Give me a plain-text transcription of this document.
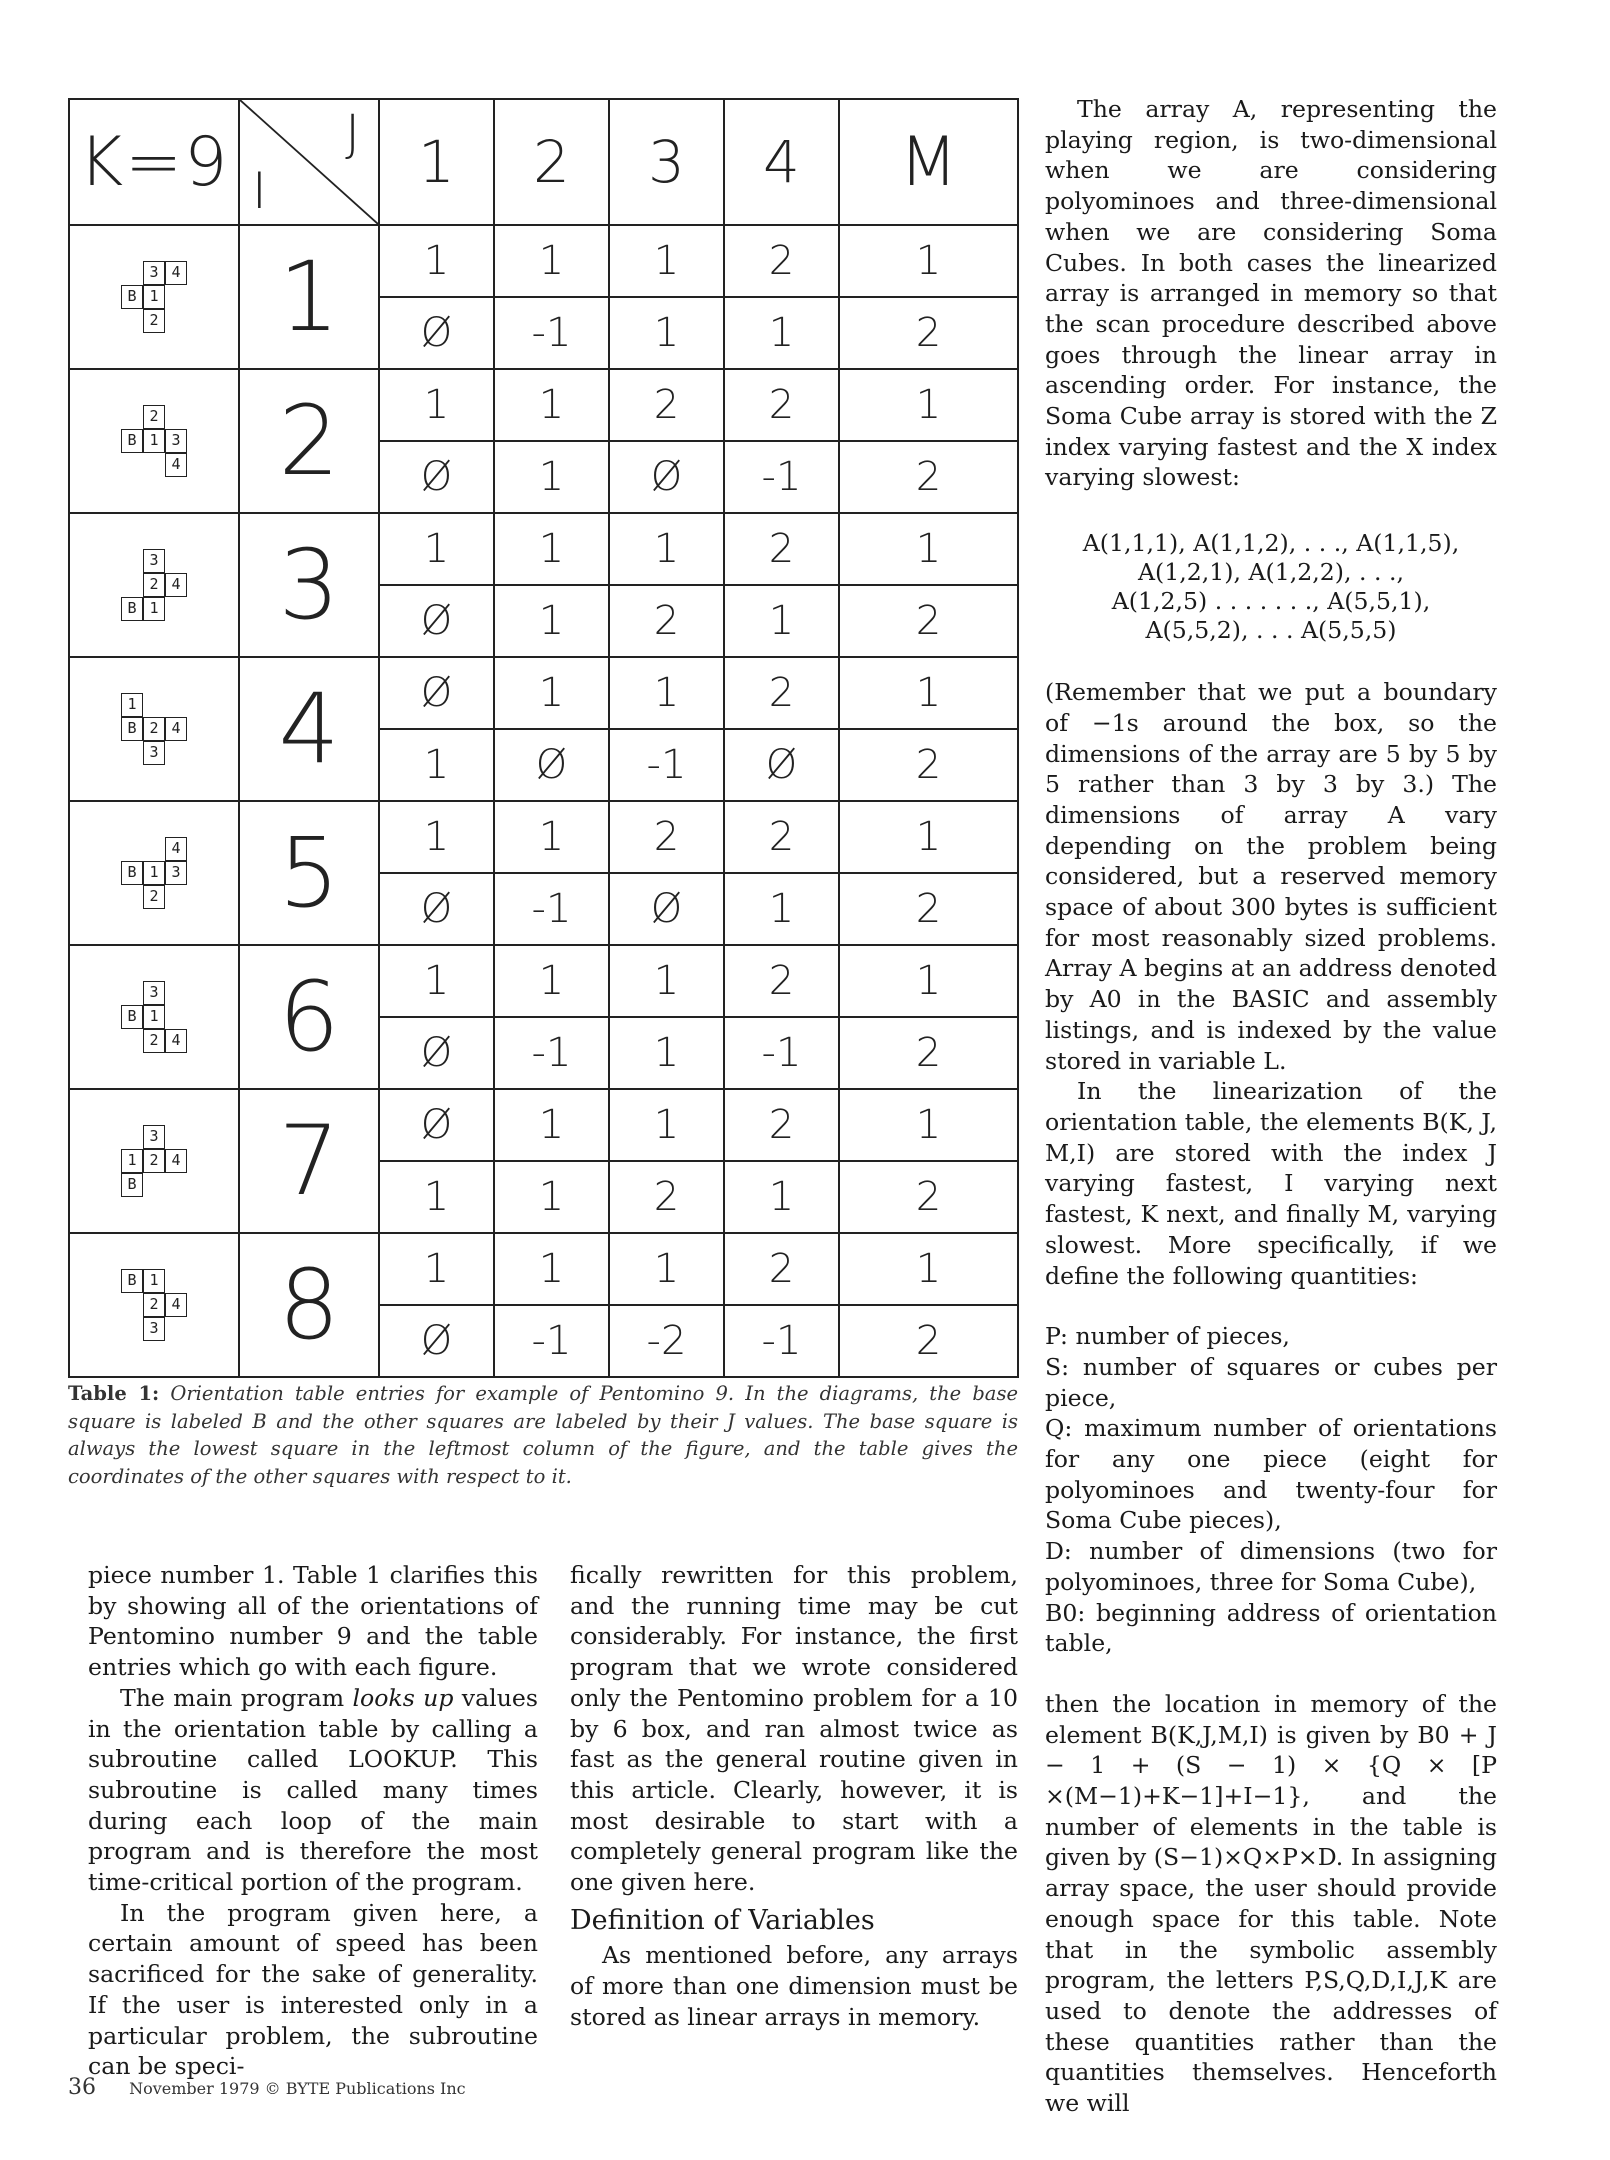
K=9	J
I	1	2	3	4	M

3 4
B 1
2	1	1	1	1	2	1
		Ø	-1	1	1	2

2
B 1 3
4	2	1	1	2	2	1
		Ø	1	Ø	-1	2

3
2 4
B 1	3	1	1	1	2	1
		Ø	1	2	1	2

1
B 2 4
3	4	Ø	1	1	2	1
		1	Ø	-1	Ø	2

4
B 1 3
2	5	1	1	2	2	1
		Ø	-1	Ø	1	2

3
B 1
2 4	6	1	1	1	2	1
		Ø	-1	1	-1	2

3
1 2 4
B	7	Ø	1	1	2	1
		1	1	2	1	2

B 1
2 4
3	8	1	1	1	2	1
		Ø	-1	-2	-1	2
Table 1: Orientation table entries for example of Pentomino 9. In the diagrams, the base square is labeled B and the other squares are labeled by their J values. The base square is always the lowest square in the leftmost column of the figure, and the table gives the coordinates of the other squares with respect to it.

piece number 1. Table 1 clarifies this by showing all of the orientations of Pentomino number 9 and the table entries which go with each figure.

The main program looks up values in the orientation table by calling a subroutine called LOOKUP. This subroutine is called many times during each loop of the main program and is therefore the most time-critical portion of the program.

In the program given here, a certain amount of speed has been sacrificed for the sake of generality. If the user is interested only in a particular problem, the subroutine can be speci-

fically rewritten for this problem, and the running time may be cut considerably. For instance, the first program that we wrote considered only the Pentomino problem for a 10 by 6 box, and ran almost twice as fast as the general routine given in this article. Clearly, however, it is most desirable to start with a completely general program like the one given here.

Definition of Variables

As mentioned before, any arrays of more than one dimension must be stored as linear arrays in memory.

The array A, representing the playing region, is two-dimensional when we are considering polyominoes and three-dimensional when we are considering Soma Cubes. In both cases the linearized array is arranged in memory so that the scan procedure described above goes through the linear array in ascending order. For instance, the Soma Cube array is stored with the Z index varying fastest and the X index varying slowest:

A(1,1,1), A(1,1,2), . . ., A(1,1,5),
A(1,2,1), A(1,2,2), . . .,
A(1,2,5) . . . . . . ., A(5,5,1),
A(5,5,2), . . . A(5,5,5)

(Remember that we put a boundary of −1s around the box, so the dimensions of the array are 5 by 5 by 5 rather than 3 by 3 by 3.) The dimensions of array A vary depending on the problem being considered, but a reserved memory space of about 300 bytes is sufficient for most reasonably sized problems. Array A begins at an address denoted by A0 in the BASIC and assembly listings, and is indexed by the value stored in variable L.

In the linearization of the orientation table, the elements B(K, J, M,I) are stored with the index J varying fastest, I varying next fastest, K next, and finally M, varying slowest. More specifically, if we define the following quantities:

P: number of pieces,

S: number of squares or cubes per piece,

Q: maximum number of orientations for any one piece (eight for polyominoes and twenty-four for Soma Cube pieces),

D: number of dimensions (two for polyominoes, three for Soma Cube),

B0: beginning address of orientation table,

then the location in memory of the element B(K,J,M,I) is given by B0 + J − 1 + (S − 1) × {Q × [P ×(M−1)+K−1]+I−1}, and the number of elements in the table is given by (S−1)×Q×P×D. In assigning array space, the user should provide enough space for this table. Note that in the symbolic assembly program, the letters P,S,Q,D,I,J,K are used to denote the addresses of these quantities rather than the quantities themselves. Henceforth we will

36 November 1979 © BYTE Publications Inc
